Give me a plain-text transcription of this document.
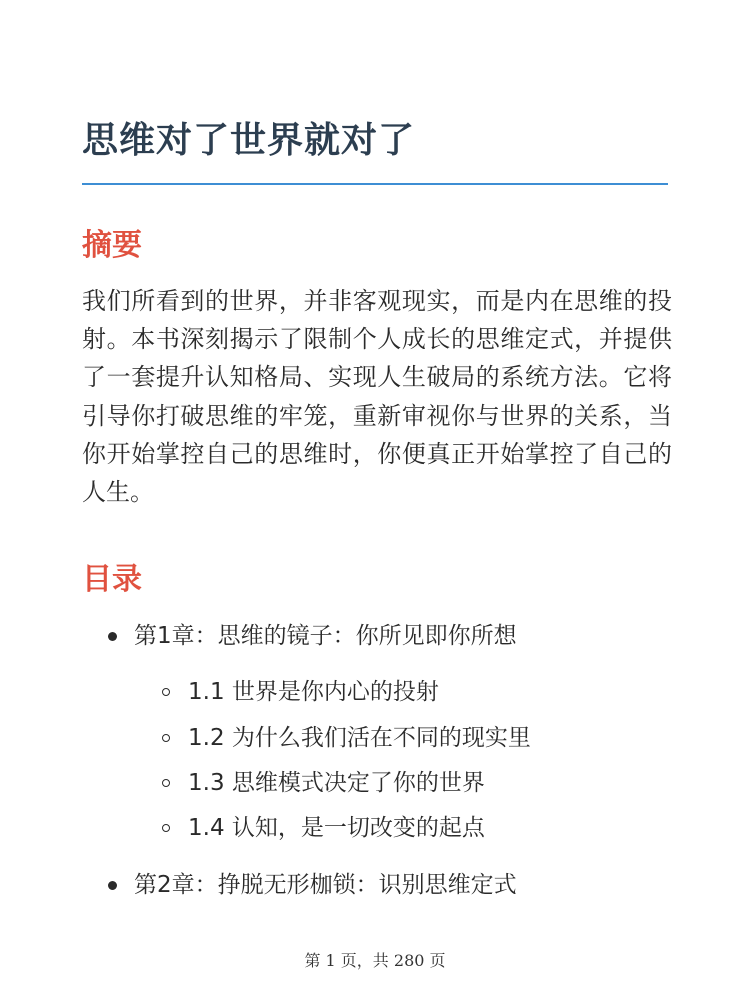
思维对了世界就对了
摘要

我们所看到的世界，并非客观现实，而是内在思维的投射。本书深刻揭示了限制个人成长的思维定式，并提供了一套提升认知格局、实现人生破局的系统方法。它将引导你打破思维的牢笼，重新审视你与世界的关系，当你开始掌控自己的思维时，你便真正开始掌控了自己的人生。

目录
第1章：思维的镜子：你所见即你所想
1.1 世界是你内心的投射
1.2 为什么我们活在不同的现实里
1.3 思维模式决定了你的世界
1.4 认知，是一切改变的起点
第2章：挣脱无形枷锁：识别思维定式
第 1 页，共 280 页
